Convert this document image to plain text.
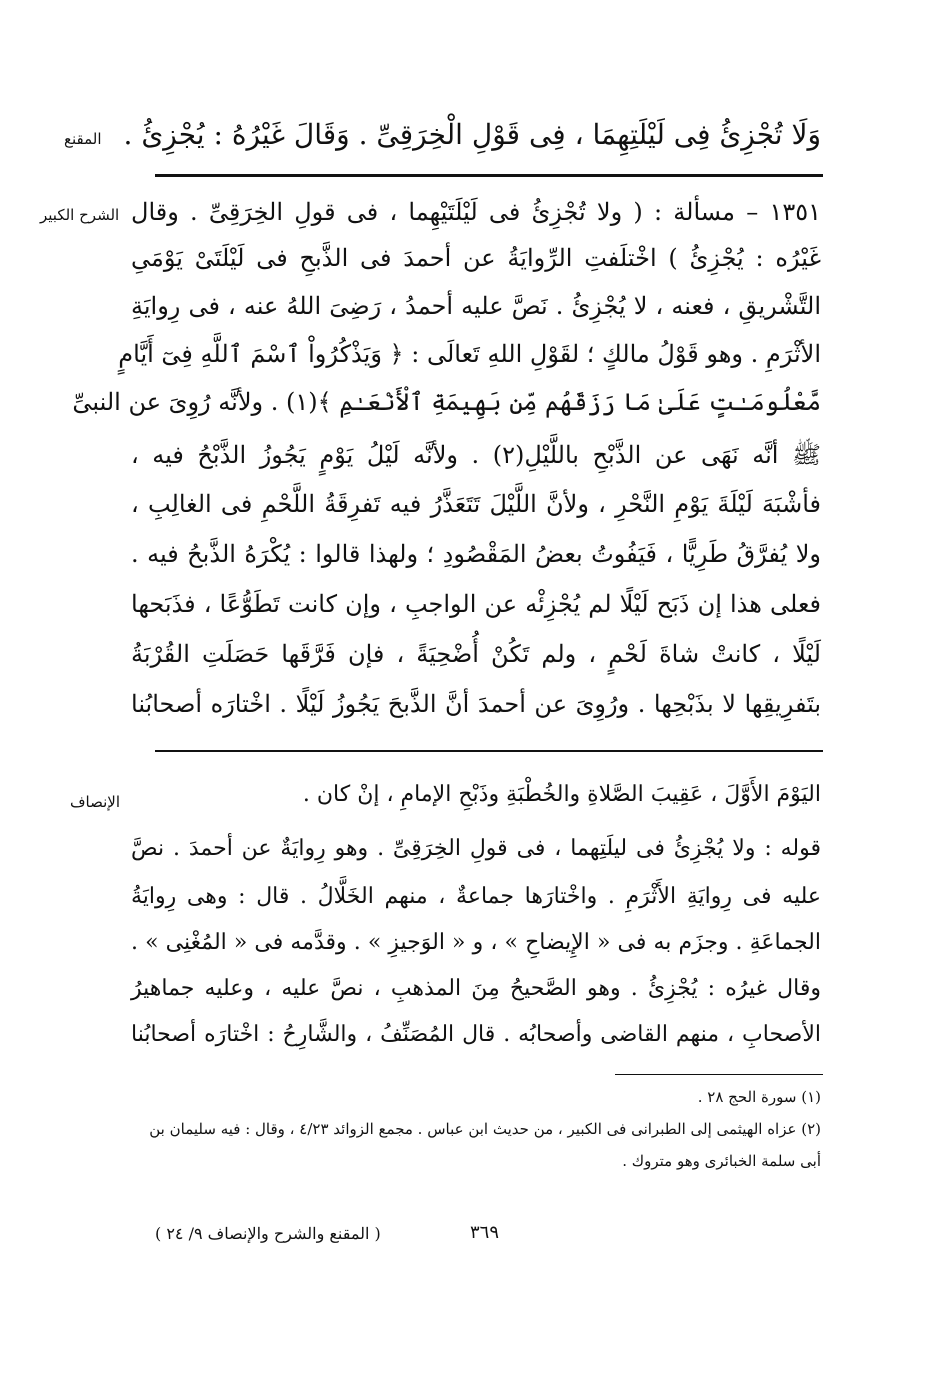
المقنع
الشرح الكبير
الإنصاف
وَلَا تُجْزِئُ فِى لَيْلَتِهِمَا ، فِى قَوْلِ الْخِرَقِىِّ . وَقَالَ غَيْرُهُ : يُجْزِئُ .
١٣٥١ – مسألة : ( ولا تُجْزِئُ فى لَيْلَتَيْهِما ، فى قولِ الخِرَقِىِّ . وقال
غَيْرُه : يُجْزِئُ ) اخْتلَفتِ الرِّوايَةُ عن أحمدَ فى الذَّبحِ فى لَيْلَتَىْ يَوْمَىِ
التَّشْريقِ ، فعنه ، لا يُجْزِئُ . نَصَّ عليه أحمدُ ، رَضِىَ اللهُ عنه ، فى رِوايَةِ
الأثْرَمِ . وهو قَوْلُ مالكٍ ؛ لقَوْلِ اللهِ تَعالَى : ﴿ وَيَذْكُرُواْ ٱسْمَ ٱللَّهِ فِىٓ أَيَّامٍ
مَّعْلُومَـٰتٍ عَلَىٰ مَا رَزَقَهُم مِّن بَهِيمَةِ ٱلْأَنْعَـٰمِ ﴾(١) . ولأنَّه رُوِىَ عن النبىِّ
ﷺ أنَّه نَهَى عن الذَّبْحِ باللَّيْلِ(٢) . ولأنَّه لَيْلُ يَوْمٍ يَجُوزُ الذَّبْحُ فيه ،
فأشْبَهَ لَيْلَةَ يَوْمِ النَّحْرِ ، ولأنَّ اللَّيْلَ تَتَعَذَّرُ فيه تَفرِقَةُ اللَّحْمِ فى الغالِبِ ،
ولا يُفرَّقُ طَرِيًّا ، فَيَفُوتُ بعضُ المَقْصُودِ ؛ ولهذا قالوا : يُكْرَهُ الذَّبحُ فيه .
فعلى هذا إن ذَبَح لَيْلًا لم يُجْزِئْه عن الواجبِ ، وإن كانت تَطَوُّعًا ، فذَبَحها
لَيْلًا ، كانتْ شاةَ لَحْمٍ ، ولم تَكُنْ أُضْحِيَةً ، فإن فَرَّقَها حَصَلَتِ القُرْبَةُ
بتَفرِيقِها لا بذَبْحِها . ورُوِىَ عن أحمدَ أنَّ الذَّبحَ يَجُوزُ لَيْلًا . اخْتارَه أصحابُنا
اليَوْمَ الأَوَّلَ ، عَقِيبَ الصَّلاةِ والخُطْبَةِ وذَبْحِ الإمامِ ، إنْ كان .
قوله : ولا يُجْزِئُ فى ليلَتِهما ، فى قولِ الخِرَقِىِّ . وهو رِوايَةٌ عن أحمدَ . نصَّ
عليه فى رِوايَةِ الأَثْرَمِ . واخْتارَها جماعةٌ ، منهم الخَلَّالُ . قال : وهى رِوايَةُ
الجماعَةِ . وجزَم به فى « الإِيضاحِ » ، و « الوَجيزِ » . وقدَّمه فى « المُغْنِى » .
وقال غيرُه : يُجْزِئُ . وهو الصَّحيحُ مِنَ المذهبِ ، نصَّ عليه ، وعليه جماهيرُ
الأصحابِ ، منهم القاضى وأصحابُه . قال المُصَنِّفُ ، والشَّارِحُ : اخْتارَه أصحابُنا
(١) سورة الحج ٢٨ .
(٢) عزاه الهيثمى إلى الطبرانى فى الكبير ، من حديث ابن عباس . مجمع الزوائد ٤/٢٣ ، وقال : فيه سليمان بن
أبى سلمة الخبائرى وهو متروك .
٣٦٩
( المقنع والشرح والإنصاف ٩/ ٢٤ )
